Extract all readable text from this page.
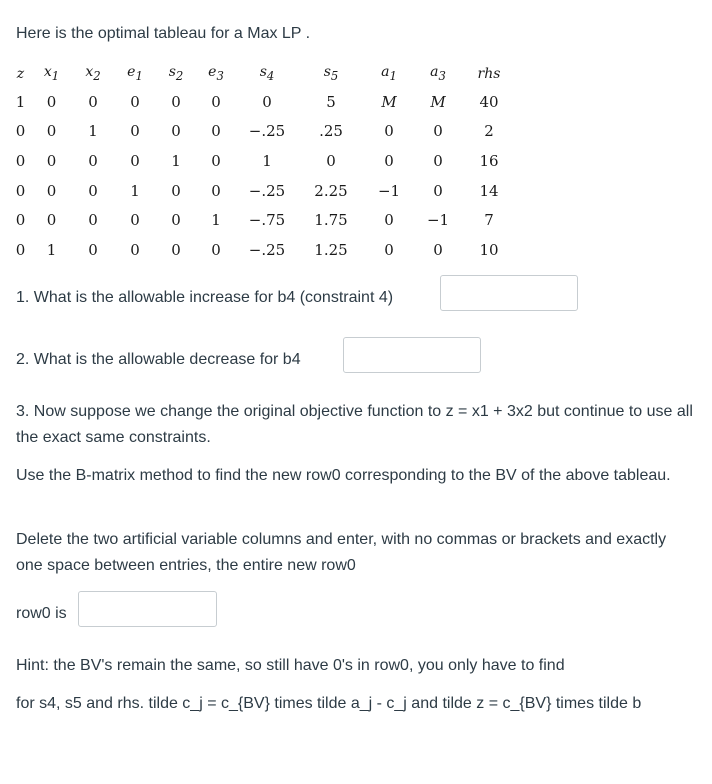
Here is the optimal tableau for a Max LP .
z	$x_1$	$x_2$	$e_1$	$s_2$	$e_3$	$s_4$	$s_5$	$a_1$	$a_3$	rhs
1	0	0	0	0	0	0	5	M	M	40
0	0	1	0	0	0	−.25	.25	0	0	2
0	0	0	0	1	0	1	0	0	0	16
0	0	0	1	0	0	−.25	2.25	−1	0	14
0	0	0	0	0	1	−.75	1.75	0	−1	7
0	1	0	0	0	0	−.25	1.25	0	0	10
1. What is the allowable increase for b4 (constraint 4)
2. What is the allowable decrease for b4
3. Now suppose we change the original objective function to z = x1 + 3x2 but continue to use all the exact same constraints.
Use the B-matrix method to find the new row0 corresponding to the BV of the above tableau.
Delete the two artificial variable columns and enter, with no commas or brackets and exactly one space between entries, the entire new row0
row0 is
Hint: the BV's remain the same, so still have 0's in row0, you only have to find
for s4, s5 and rhs. tilde c_j = c_{BV} times tilde a_j - c_j and tilde z = c_{BV} times tilde b
